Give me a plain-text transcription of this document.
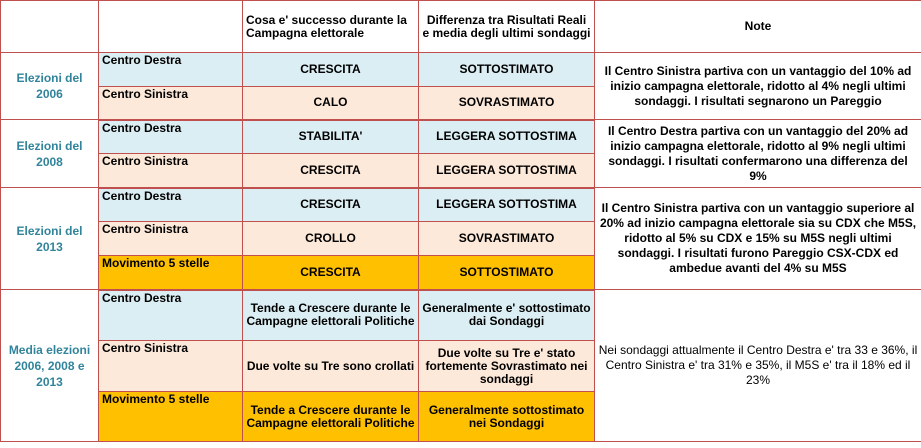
		Cosa e' successo durante la Campagna elettorale	Differenza tra Risultati Reali e media degli ultimi sondaggi	Note
Elezioni del 2006	Centro Destra	CRESCITA	SOTTOSTIMATO	Il Centro Sinistra partiva con un vantaggio del 10% ad inizio campagna elettorale, ridotto al 4% negli ultimi sondaggi. I risultati segnarono un Pareggio
	Centro Sinistra	CALO	SOVRASTIMATO	
Elezioni del 2008	Centro Destra	STABILITA'	LEGGERA SOTTOSTIMA	Il Centro Destra partiva con un vantaggio del 20% ad inizio campagna elettorale, ridotto al 9% negli ultimi sondaggi. I risultati confermarono una differenza del 9%
	Centro Sinistra	CRESCITA	LEGGERA SOTTOSTIMA	
Elezioni del 2013	Centro Destra	CRESCITA	LEGGERA SOTTOSTIMA	Il Centro Sinistra partiva con un vantaggio superiore al 20% ad inizio campagna elettorale sia su CDX che M5S, ridotto al 5% su CDX e 15% su M5S negli ultimi sondaggi. I risultati furono Pareggio CSX-CDX ed ambedue avanti del 4% su M5S
	Centro Sinistra	CROLLO	SOVRASTIMATO	
	Movimento 5 stelle	CRESCITA	SOTTOSTIMATO	
Media elezioni 2006, 2008 e 2013	Centro Destra	Tende a Crescere durante le Campagne elettorali Politiche	Generalmente e' sottostimato dai Sondaggi	Nei sondaggi attualmente il Centro Destra e' tra 33 e 36%, il Centro Sinistra e' tra 31% e 35%, il M5S e' tra il 18% ed il 23%
	Centro Sinistra	Due volte su Tre sono crollati	Due volte su Tre e' stato fortemente Sovrastimato nei sondaggi	
	Movimento 5 stelle	Tende a Crescere durante le Campagne elettorali Politiche	Generalmente sottostimato nei Sondaggi	
